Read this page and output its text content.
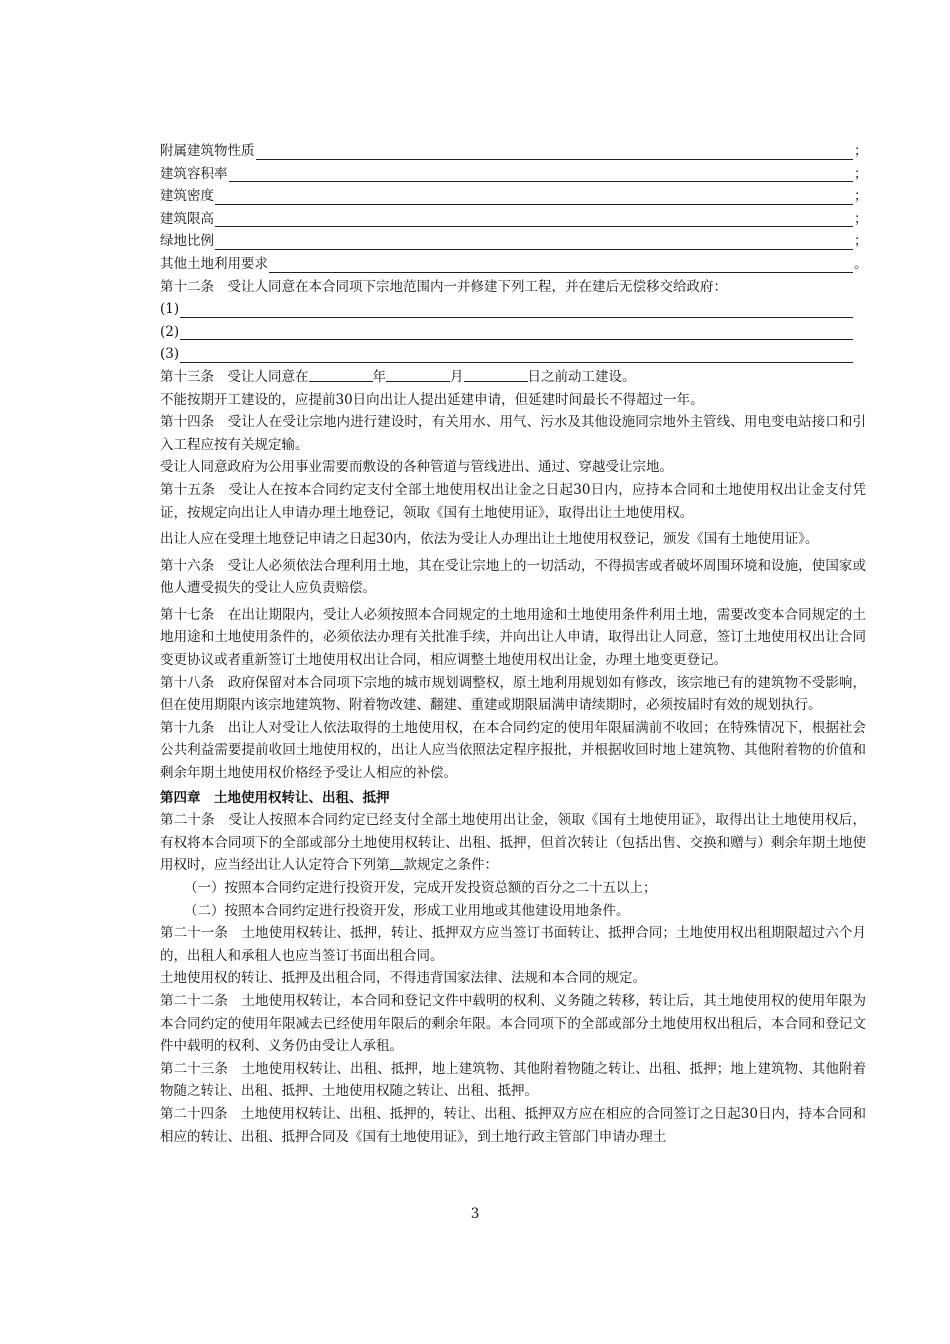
附属建筑物性质	；
建筑容积率	；
建筑密度	；
建筑限高	；
绿地比例	；
其他土地利用要求	。

第十二条　受让人同意在本合同项下宗地范围内一并修建下列工程，并在建后无偿移交给政府：

(1)
(2)
(3)

第十三条　受让人同意在	年	月	日之前动工建设。

不能按期开工建设的，应提前30日向出让人提出延建申请，但延建时间最长不得超过一年。

第十四条　受让人在受让宗地内进行建设时，有关用水、用气、污水及其他设施同宗地外主管线、用电变电站接口和引入工程应按有关规定输。

受让人同意政府为公用事业需要而敷设的各种管道与管线进出、通过、穿越受让宗地。

第十五条　受让人在按本合同约定支付全部土地使用权出让金之日起30日内，应持本合同和土地使用权出让金支付凭证，按规定向出让人申请办理土地登记，领取《国有土地使用证》，取得出让土地使用权。

出让人应在受理土地登记申请之日起30内，依法为受让人办理出让土地使用权登记，颁发《国有土地使用证》。

第十六条　受让人必须依法合理利用土地，其在受让宗地上的一切活动，不得损害或者破坏周围环境和设施，使国家或他人遭受损失的受让人应负责赔偿。

第十七条　在出让期限内，受让人必须按照本合同规定的土地用途和土地使用条件利用土地，需要改变本合同规定的土地用途和土地使用条件的，必须依法办理有关批准手续，并向出让人申请，取得出让人同意，签订土地使用权出让合同变更协议或者重新签订土地使用权出让合同，相应调整土地使用权出让金，办理土地变更登记。

第十八条　政府保留对本合同项下宗地的城市规划调整权，原土地利用规划如有修改，该宗地已有的建筑物不受影响，但在使用期限内该宗地建筑物、附着物改建、翻建、重建或期限届满申请续期时，必须按届时有效的规划执行。

第十九条　出让人对受让人依法取得的土地使用权，在本合同约定的使用年限届满前不收回；在特殊情况下，根据社会公共利益需要提前收回土地使用权的，出让人应当依照法定程序报批，并根据收回时地上建筑物、其他附着物的价值和剩余年期土地使用权价格经予受让人相应的补偿。

第四章　土地使用权转让、出租、抵押

第二十条　受让人按照本合同约定已经支付全部土地使用出让金，领取《国有土地使用证》，取得出让土地使用权后，有权将本合同项下的全部或部分土地使用权转让、出租、抵押，但首次转让（包括出售、交换和赠与）剩余年期土地使用权时，应当经出让人认定符合下列第 款规定之条件：

（一）按照本合同约定进行投资开发，完成开发投资总额的百分之二十五以上；

（二）按照本合同约定进行投资开发，形成工业用地或其他建设用地条件。

第二十一条　土地使用权转让、抵押，转让、抵押双方应当签订书面转让、抵押合同；土地使用权出租期限超过六个月的，出租人和承租人也应当签订书面出租合同。

土地使用权的转让、抵押及出租合同，不得违背国家法律、法规和本合同的规定。

第二十二条　土地使用权转让，本合同和登记文件中载明的权利、义务随之转移，转让后，其土地使用权的使用年限为本合同约定的使用年限减去已经使用年限后的剩余年限。本合同项下的全部或部分土地使用权出租后，本合同和登记文件中载明的权利、义务仍由受让人承租。

第二十三条　土地使用权转让、出租、抵押，地上建筑物、其他附着物随之转让、出租、抵押；地上建筑物、其他附着物随之转让、出租、抵押、土地使用权随之转让、出租、抵押。

第二十四条　土地使用权转让、出租、抵押的，转让、出租、抵押双方应在相应的合同签订之日起30日内，持本合同和相应的转让、出租、抵押合同及《国有土地使用证》，到土地行政主管部门申请办理土

3
